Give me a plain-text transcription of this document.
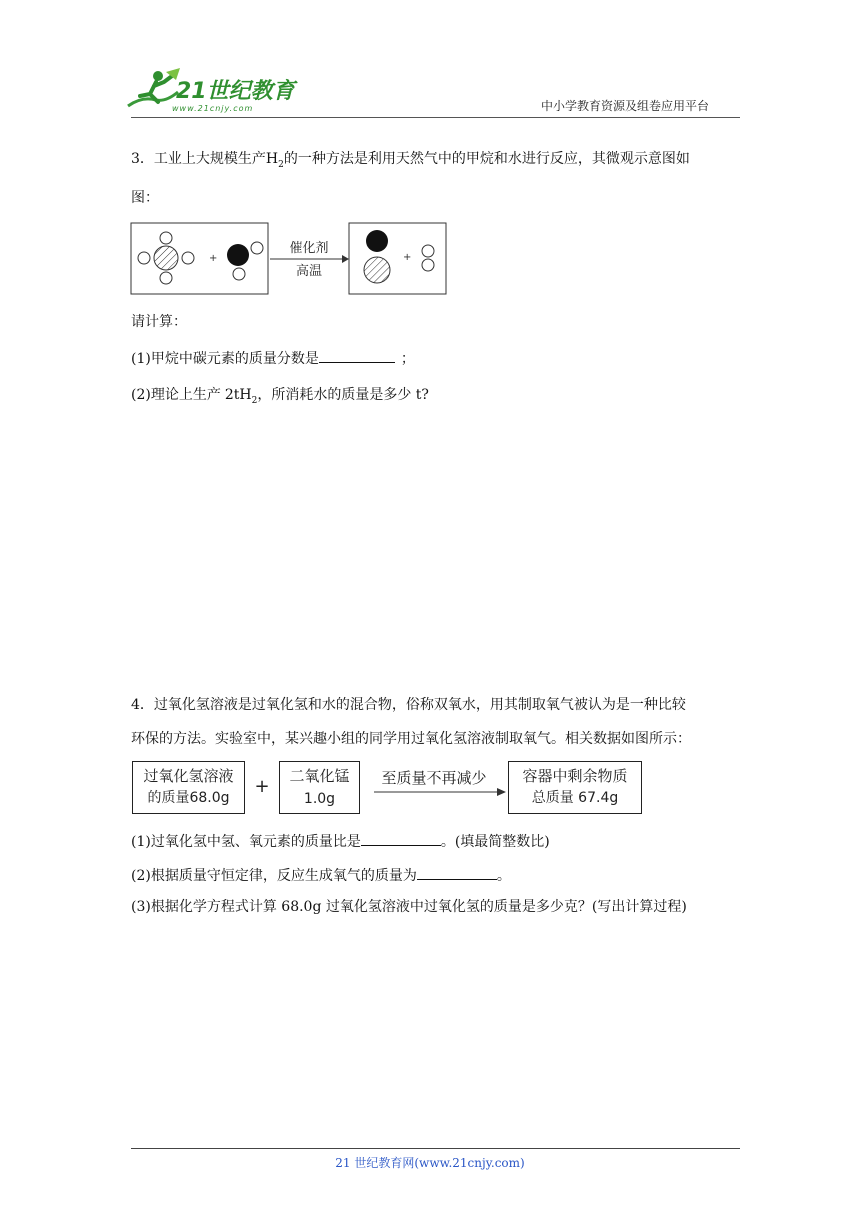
21世纪教育
www.21cnjy.com	中小学教育资源及组卷应用平台
3．工业上大规模生产$H_2$的一种方法是利用天然气中的甲烷和水进行反应，其微观示意图如
图：
+
催化剂
高温
+
请计算：
(1)甲烷中碳元素的质量分数是	；
(2)理论上生产 $2tH_2$，所消耗水的质量是多少 t?
4．过氧化氢溶液是过氧化氢和水的混合物，俗称双氧水，用其制取氧气被认为是一种比较
环保的方法。实验室中，某兴趣小组的同学用过氧化氢溶液制取氧气。相关数据如图所示：
过氧化氢溶液
的质量68.0g
+	二氧化锰
1.0g
至质量不再减少	容器中剩余物质
总质量 67.4g
(1)过氧化氢中氢、氧元素的质量比是	。(填最简整数比)
(2)根据质量守恒定律，反应生成氧气的质量为	。
(3)根据化学方程式计算 68.0g 过氧化氢溶液中过氧化氢的质量是多少克？(写出计算过程)
21 世纪教育网(www.21cnjy.com)
